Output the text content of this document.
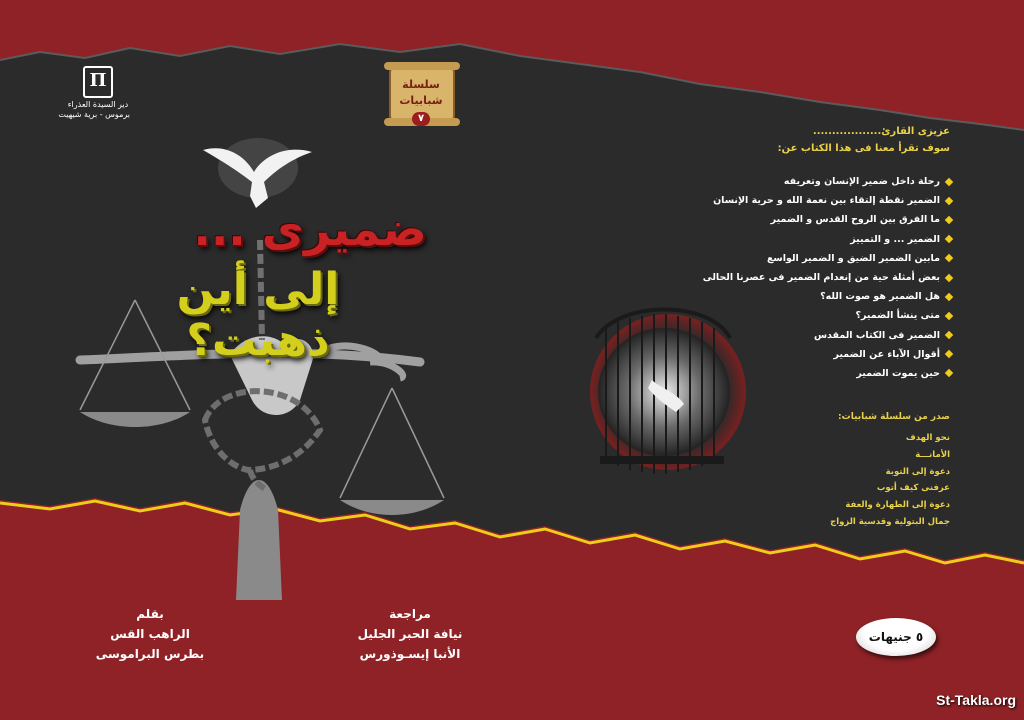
Π
دير السيدة العذراء
برموس - برية شيهيت
سلسلة
شبابيات
٧
ضميرى ...
إلى أين ذهبت؟
عزيزى القارئ..................
سوف تقرأ معنا فى هذا الكتاب عن:
رحلة داخل ضمير الإنسان وتعريفه
الضمير نقطة إلتقاء بين نعمة الله و حرية الإنسان
ما الفرق بين الروح القدس و الضمير
الضمير ... و التمييز
مابين الضمير الضيق و الضمير الواسع
بعض أمثلة حية من إنعدام الضمير فى عصرنا الحالى
هل الضمير هو صوت الله؟
متى ينشأ الضمير؟
الضمير فى الكتاب المقدس
أقوال الآباء عن الضمير
حين يموت الضمير
صدر من سلسلة شبابيات:
نحو الهدف
الأمانـــة
دعوة إلى التوبة
عرفنى كيف أتوب
دعوة إلى الطهارة والعفة
جمال البتولية وقدسية الزواج
بقلم
الراهب القس
بطرس البراموسى
مراجعة
نيافة الحبر الجليل
الأنبا إيسـوذورس
٥ جنيهات
St-Takla.org
